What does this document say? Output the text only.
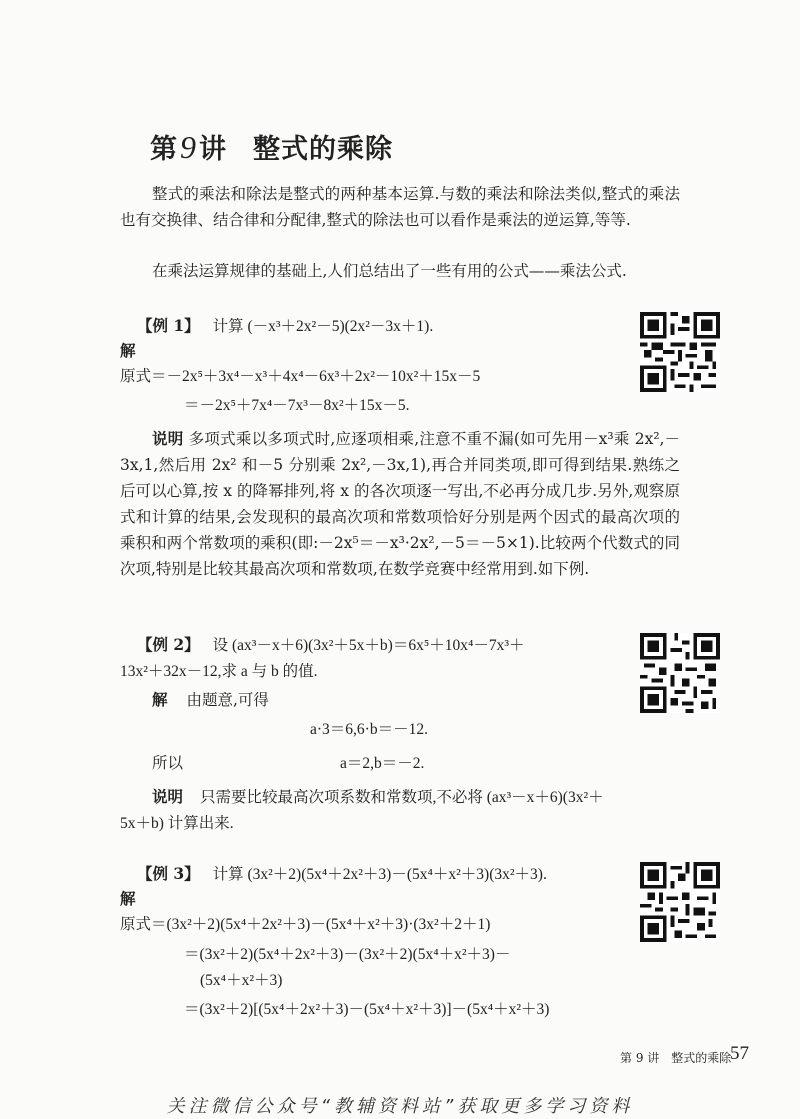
第9讲 整式的乘除
整式的乘法和除法是整式的两种基本运算.与数的乘法和除法类似,整式的乘法也有交换律、结合律和分配律,整式的除法也可以看作是乘法的逆运算,等等.
在乘法运算规律的基础上,人们总结出了一些有用的公式——乘法公式.
【例 1】 计算 (－x³＋2x²－5)(2x²－3x＋1).
解
原式＝－2x⁵＋3x⁴－x³＋4x⁴－6x³＋2x²－10x²＋15x－5
＝－2x⁵＋7x⁴－7x³－8x²＋15x－5.
说明 多项式乘以多项式时,应逐项相乘,注意不重不漏(如可先用－x³乘 2x²,－3x,1,然后用 2x² 和－5 分别乘 2x²,－3x,1),再合并同类项,即可得到结果.熟练之后可以心算,按 x 的降幂排列,将 x 的各次项逐一写出,不必再分成几步.另外,观察原式和计算的结果,会发现积的最高次项和常数项恰好分别是两个因式的最高次项的乘积和两个常数项的乘积(即:－2x⁵＝－x³·2x²,－5＝－5×1).比较两个代数式的同次项,特别是比较其最高次项和常数项,在数学竞赛中经常用到.如下例.
【例 2】 设 (ax³－x＋6)(3x²＋5x＋b)＝6x⁵＋10x⁴－7x³＋
13x²＋32x－12,求 a 与 b 的值.
解 由题意,可得
a·3＝6,6·b＝－12.
所以	a＝2,b＝－2.
说明 只需要比较最高次项系数和常数项,不必将 (ax³－x＋6)(3x²＋
5x＋b) 计算出来.
【例 3】 计算 (3x²＋2)(5x⁴＋2x²＋3)－(5x⁴＋x²＋3)(3x²＋3).
解
原式＝(3x²＋2)(5x⁴＋2x²＋3)－(5x⁴＋x²＋3)·(3x²＋2＋1)
＝(3x²＋2)(5x⁴＋2x²＋3)－(3x²＋2)(5x⁴＋x²＋3)－
(5x⁴＋x²＋3)
＝(3x²＋2)[(5x⁴＋2x²＋3)－(5x⁴＋x²＋3)]－(5x⁴＋x²＋3)
第 9 讲　整式的乘除
57
关注微信公众号“教辅资料站”获取更多学习资料
